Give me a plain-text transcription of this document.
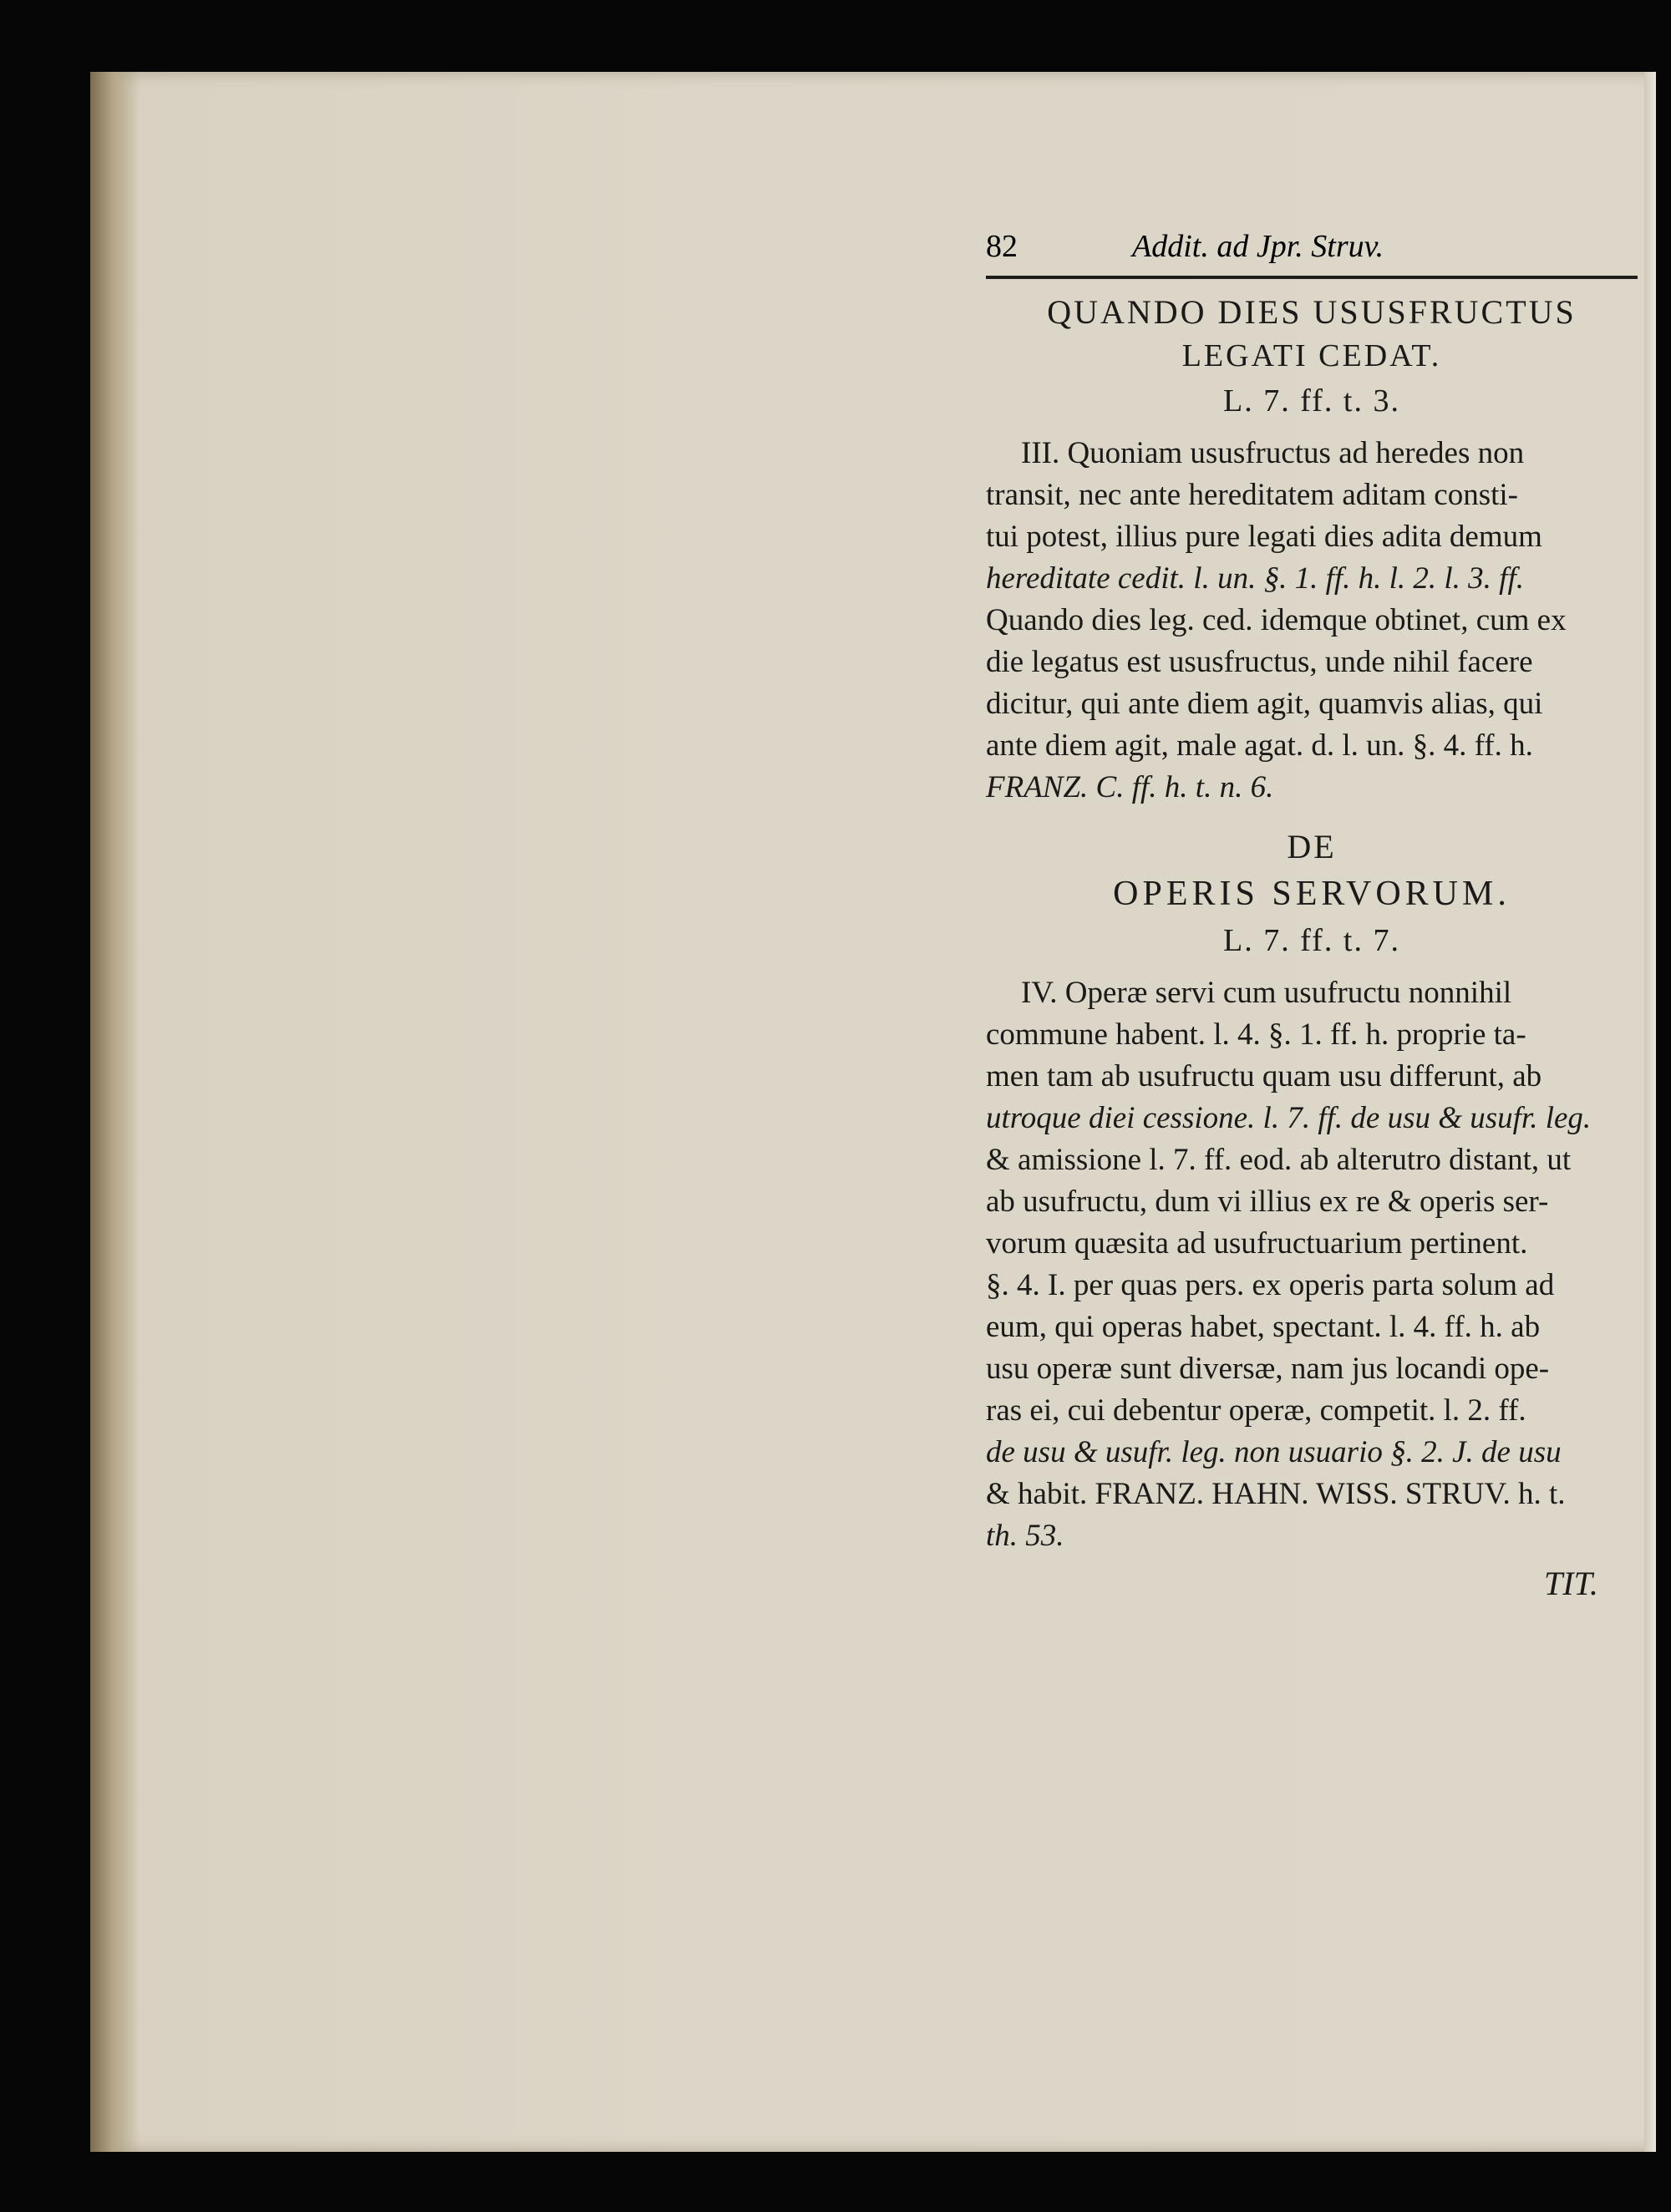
82	Addit. ad Jpr. Struv.
QUANDO DIES USUSFRUCTUS
LEGATI CEDAT.
L. 7. ff. t. 3.
III. Quoniam ususfructus ad heredes non
transit, nec ante hereditatem aditam consti-
tui potest, illius pure legati dies adita demum
hereditate cedit. l. un. §. 1. ff. h. l. 2. l. 3. ff.
Quando dies leg. ced. idemque obtinet, cum ex
die legatus est ususfructus, unde nihil facere
dicitur, qui ante diem agit, quamvis alias, qui
ante diem agit, male agat. d. l. un. §. 4. ff. h.
FRANZ. C. ff. h. t. n. 6.
DE
OPERIS SERVORUM.
L. 7. ff. t. 7.
IV. Operæ servi cum usufructu nonnihil
commune habent. l. 4. §. 1. ff. h. proprie ta-
men tam ab usufructu quam usu differunt, ab
utroque diei cessione. l. 7. ff. de usu & usufr. leg.
& amissione l. 7. ff. eod. ab alterutro distant, ut
ab usufructu, dum vi illius ex re & operis ser-
vorum quæsita ad usufructuarium pertinent.
§. 4. I. per quas pers. ex operis parta solum ad
eum, qui operas habet, spectant. l. 4. ff. h. ab
usu operæ sunt diversæ, nam jus locandi ope-
ras ei, cui debentur operæ, competit. l. 2. ff.
de usu & usufr. leg. non usuario §. 2. J. de usu
& habit. FRANZ. HAHN. WISS. STRUV. h. t.
th. 53.
TIT.
